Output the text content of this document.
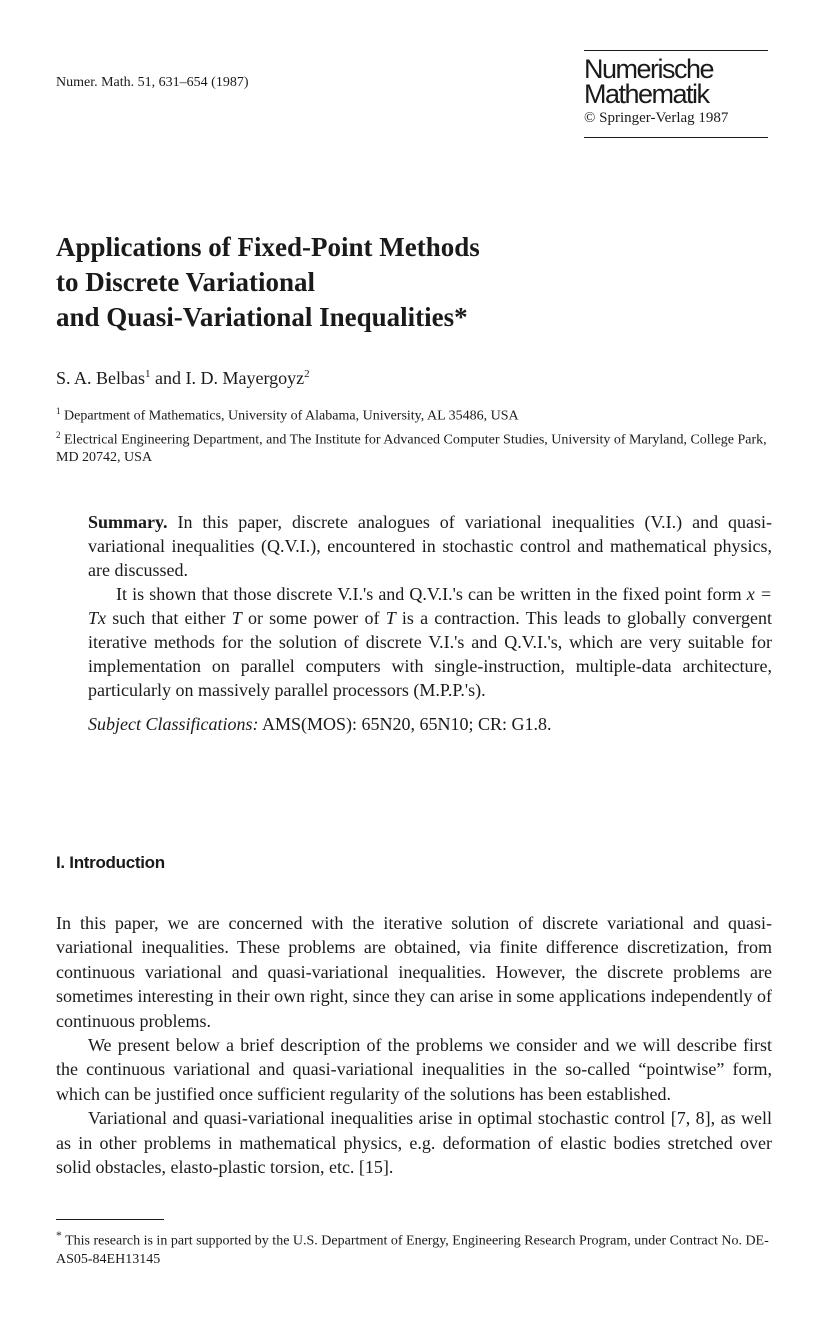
Numer. Math. 51, 631–654 (1987)	Numerische
Mathematik
© Springer-Verlag 1987
Applications of Fixed-Point Methods
to Discrete Variational
and Quasi-Variational Inequalities*
S. A. Belbas$^1$ and I. D. Mayergoyz$^2$
$^1$ Department of Mathematics, University of Alabama, University, AL 35486, USA
$^2$ Electrical Engineering Department, and The Institute for Advanced Computer Studies, University of Maryland, College Park, MD 20742, USA

Summary. In this paper, discrete analogues of variational inequalities (V.I.) and quasi-variational inequalities (Q.V.I.), encountered in stochastic control and mathematical physics, are discussed.

It is shown that those discrete V.I.'s and Q.V.I.'s can be written in the fixed point form x = Tx such that either T or some power of T is a contraction. This leads to globally convergent iterative methods for the solution of discrete V.I.'s and Q.V.I.'s, which are very suitable for implementation on parallel computers with single-instruction, multiple-data architecture, particularly on massively parallel processors (M.P.P.'s).

Subject Classifications: AMS(MOS): 65N20, 65N10; CR: G1.8.

I. Introduction

In this paper, we are concerned with the iterative solution of discrete variational and quasi-variational inequalities. These problems are obtained, via finite difference discretization, from continuous variational and quasi-variational inequalities. However, the discrete problems are sometimes interesting in their own right, since they can arise in some applications independently of continuous problems.

We present below a brief description of the problems we consider and we will describe first the continuous variational and quasi-variational inequalities in the so-called “pointwise” form, which can be justified once sufficient regularity of the solutions has been established.

Variational and quasi-variational inequalities arise in optimal stochastic control [7, 8], as well as in other problems in mathematical physics, e.g. deformation of elastic bodies stretched over solid obstacles, elasto-plastic torsion, etc. [15].

* This research is in part supported by the U.S. Department of Energy, Engineering Research Program, under Contract No. DE-AS05-84EH13145
